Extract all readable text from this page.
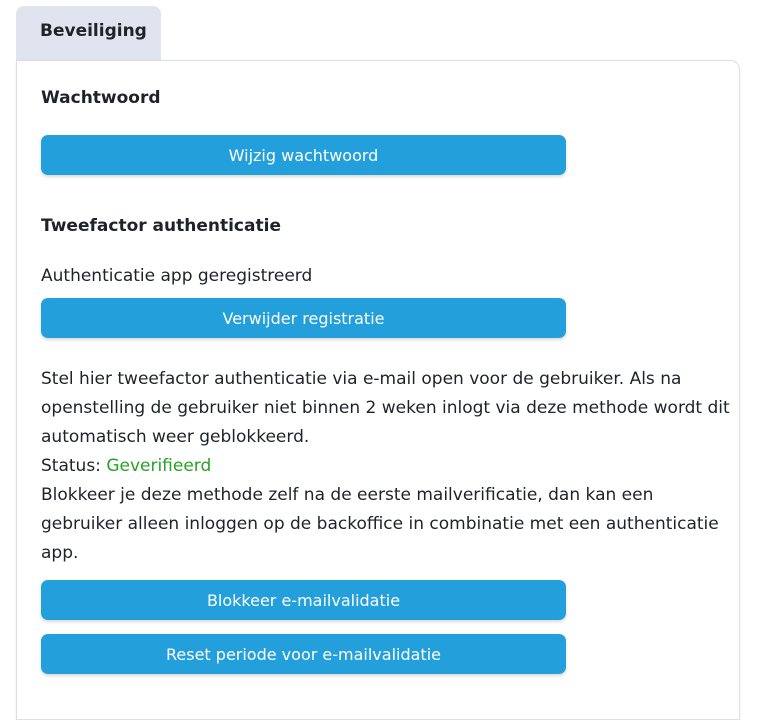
Beveiliging
Wachtwoord
Wijzig wachtwoord
Tweefactor authenticatie
Authenticatie app geregistreerd
Verwijder registratie
Stel hier tweefactor authenticatie via e-mail open voor de gebruiker. Als na openstelling de gebruiker niet binnen 2 weken inlogt via deze methode wordt dit automatisch weer geblokkeerd.
Status: Geverifieerd
Blokkeer je deze methode zelf na de eerste mailverificatie, dan kan een gebruiker alleen inloggen op de backoffice in combinatie met een authenticatie app.
Blokkeer e-mailvalidatie
Reset periode voor e-mailvalidatie
